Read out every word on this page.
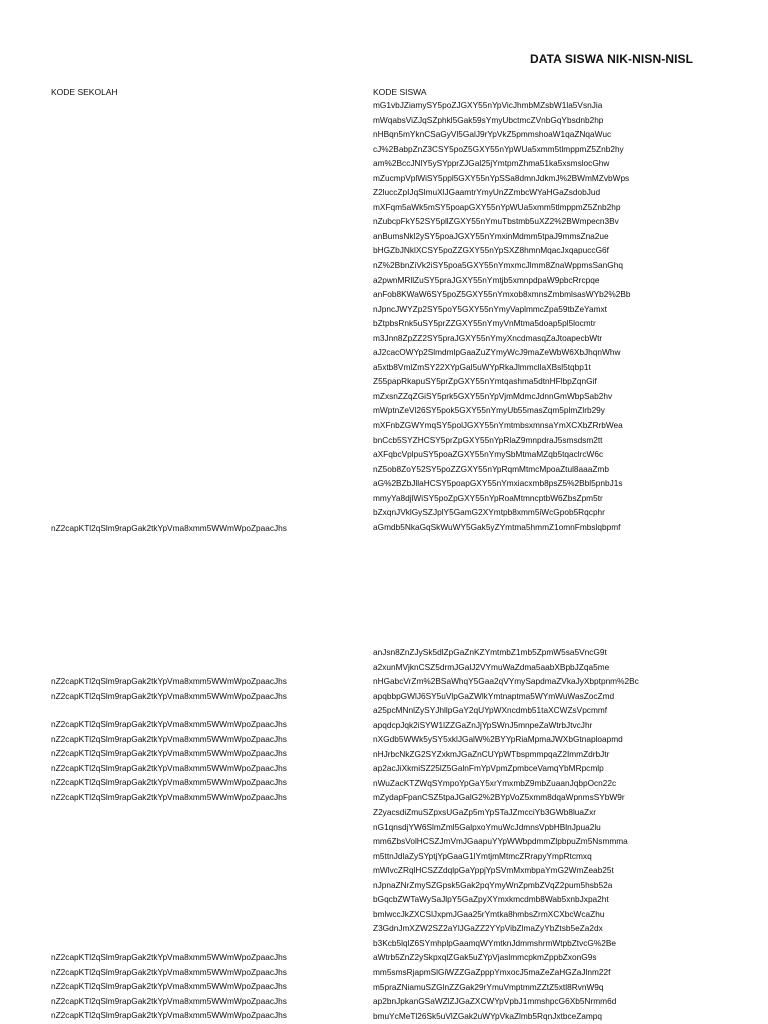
DATA SISWA NIK-NISN-NISL
KODE SEKOLAH	KODE SISWA
mG1vbJZiamySY5poZJGXY55nYpVicJhmbMZsbW1la5VsnJia
mWqabsViZJqSZphkl5Gak59sYmyUbctmcZVnbGqYbsdnb2hp
nHBqn5mYknCSaGyVl5GalJ9rYpVkZ5pmmshoaW1qaZNqaWuc
cJ%2BabpZnZ3CSY5poZ5GXY55nYpWUa5xmm5tlmppmZ5Znb2hy
am%2BccJNlY5ySYpprZJGal25jYmtpmZhma51ka5xsmslocGhw
mZucmpVplWiSY5ppl5GXY55nYpSSa8dmnJdkmJ%2BWmMZvbWps
Z2luccZpIJqSlmuXlJGaamtrYmyUnZZmbcWYaHGaZsdobJud
mXFqm5aWk5mSY5poapGXY55nYpWUa5xmm5tlmppmZ5Znb2hp
nZubcpFkY52SY5pllZGXY55nYmuTbstmb5uXZ2%2BWmpecn3Bv
anBumsNkl2ySY5poaJGXY55nYmxinMdmm5tpaJ9mmsZna2ue
bHGZbJNklXCSY5poZZGXY55nYpSXZ8hmnMqacJxqapuccG6f
nZ%2BbnZiVk2iSY5poa5GXY55nYmxmcJlmm8ZnaWppmsSanGhq
a2pwnMRllZuSY5praJGXY55nYmtjb5xmnpdpaW9pbcRrcpqe
anFob8KWaW6SY5poZ5GXY55nYmxob8xmnsZmbmlsasWYb2%2Bb
nJpncJWYZp2SY5poY5GXY55nYmyVaplmmcZpa59tbZeYamxt
bZtpbsRnk5uSY5prZZGXY55nYmyVnMtma5doap5pl5locmtr
m3Jnn8ZpZZ2SY5praJGXY55nYmyXncdmasqZaJtoapecbWtr
aJ2cacOWYp2SlmdmlpGaaZuZYmyWcJ9maZeWbW6XbJhqnWhw
a5xtb8VmlZmSY22XYpGal5uWYpRkaJlmmcllaXBsl5tqbp1t
Z55papRkapuSY5prZpGXY55nYmtqashma5dtnHFlbpZqnGif
mZxsnZZqZGiSY5prk5GXY55nYpVjmMdmcJdnnGmWbpSab2hv
mWptnZeVl26SY5pok5GXY55nYmyUb55masZqm5plmZlrb29y
mXFnbZGWYmqSY5polJGXY55nYmtmbsxmnsaYmXCXbZRrbWea
bnCcb5SYZHCSY5prZpGXY55nYpRlaZ9mnpdraJ5smsdsm2tt
aXFqbcVplpuSY5poaZGXY55nYmySbMtmaMZqb5tqaclrcW6c
nZ5ob8ZoY52SY5poZZGXY55nYpRqmMtmcMpoaZtul8aaaZmb
aG%2BZbJllaHCSY5poapGXY55nYmxiacxmb8psZ5%2Bbl5pnbJ1s
mmyYa8djlWiSY5poZpGXY55nYpRoaMtmncptbW6ZbsZpm5tr
bZxqnJVklGySZJplY5GamG2XYmtpb8xmm5iWcGpob5Rqcphr
aGmdb5NkaGqSkWuWY5Gak5yZYmtma5hmmZ1omnFmbslqbpmf
anJsn8ZnZJySk5dlZpGaZnKZYmtmbZ1mb5ZpmW5sa5VncG9t
a2xunMVjknCSZ5drmJGalJ2VYmuWaZdma5aabXBpbJZqa5me
nHGabcVrZm%2BSaWhqY5Gaa2qVYmySapdmaZVkaJyXbptpnm%2Bc
apqbbpGWlJ6SY5uVlpGaZWlkYmtnaptma5WYmWuWasZocZmd
a25pcMNnlZySYJhllpGaY2qUYpWXncdmb51taXCWZsVpcmmf
apqdcpJqk2iSYW1lZZGaZnJjYpSWnJ5mnpeZaWtrbJtvcJhr
nXGdb5WWk5ySY5xklJGalW%2BYYpRiaMpmaJWXbGtnaploapmd
nHJrbcNkZG2SYZxkmJGaZnCUYpWTbspmmpqaZ2ImmZdrbJtr
ap2acJiXkmiSZ25lZ5GalnFmYpVpmZpmbceVamqYbMRpcmlp
nWuZacKTZWqSYmpoYpGaY5xrYmxmbZ9mbZuaanJqbpOcn22c
mZydapFpanCSZ5tpaJGalG2%2BYpVoZ5xmm8dqaWpnmsSYbW9r
Z2yacsdiZmuSZpxsUGaZp5mYpSTaJZmcciYb3GWb8luaZxr
nG1qnsdjYW6SlmZml5GalpxoYmuWcJdmnsVpbHBlnJpua2lu
mm6ZbsVolHCSZJmVmJGaapuYYpWWbpdmmZlpbpuZm5Nsmmma
m5ttnJdlaZySYptjYpGaaG1lYmtjmMtmcZRrapyYmpRtcmxq
mWlvcZRqlHCSZZdqlpGaYppjYpSVmMxmbpaYmG2WmZeab25t
nJpnaZNrZmySZGpsk5Gak2pqYmyWnZpmbZVqZ2pum5hsb52a
bGqcbZWTaWySaJlpY5GaZpyXYmxkmcdmb8Wab5xnbJxpa2ht
bmlwccJkZXCSlJxpmJGaa25rYmtka8hmbsZrmXCXbcWcaZhu
Z3GdnJmXZW2SZ2aYlJGaZZ2YYpVibZlmaZyYbZtsb5eZa2dx
b3Kcb5lqlZ6SYmhplpGaamqWYmtknJdmmshrmWtpbZtvcG%2Be
aWtrb5ZnZ2ySkpxqlZGak5uZYpVjaslmmcpkmZppbZxonG9s
mm5smsRjapmSlGiWZZGaZpppYmxocJ5maZeZaHGZaJlnm22f
m5praZNiamuSZGlnZZGak29rYmuVmptmmZZtZ5xtl8RvnW9q
ap2bnJpkanGSaWZlZJGaZXCWYpVpbJ1mmshpcG6Xb5Nrmm6d
bmuYcMeTl26Sk5uVlZGak2uWYpVkaZlmb5RqnJxtbceZampq
nZ2capKTl2qSlm9rapGak2tkYpVma8xmm5WWmWpoZpaacJhs
nZ2capKTl2qSlm9rapGak2tkYpVma8xmm5WWmWpoZpaacJhs
nZ2capKTl2qSlm9rapGak2tkYpVma8xmm5WWmWpoZpaacJhs
nZ2capKTl2qSlm9rapGak2tkYpVma8xmm5WWmWpoZpaacJhs
nZ2capKTl2qSlm9rapGak2tkYpVma8xmm5WWmWpoZpaacJhs
nZ2capKTl2qSlm9rapGak2tkYpVma8xmm5WWmWpoZpaacJhs
nZ2capKTl2qSlm9rapGak2tkYpVma8xmm5WWmWpoZpaacJhs
nZ2capKTl2qSlm9rapGak2tkYpVma8xmm5WWmWpoZpaacJhs
nZ2capKTl2qSlm9rapGak2tkYpVma8xmm5WWmWpoZpaacJhs
nZ2capKTl2qSlm9rapGak2tkYpVma8xmm5WWmWpoZpaacJhs
nZ2capKTl2qSlm9rapGak2tkYpVma8xmm5WWmWpoZpaacJhs
nZ2capKTl2qSlm9rapGak2tkYpVma8xmm5WWmWpoZpaacJhs
nZ2capKTl2qSlm9rapGak2tkYpVma8xmm5WWmWpoZpaacJhs
nZ2capKTl2qSlm9rapGak2tkYpVma8xmm5WWmWpoZpaacJhs
